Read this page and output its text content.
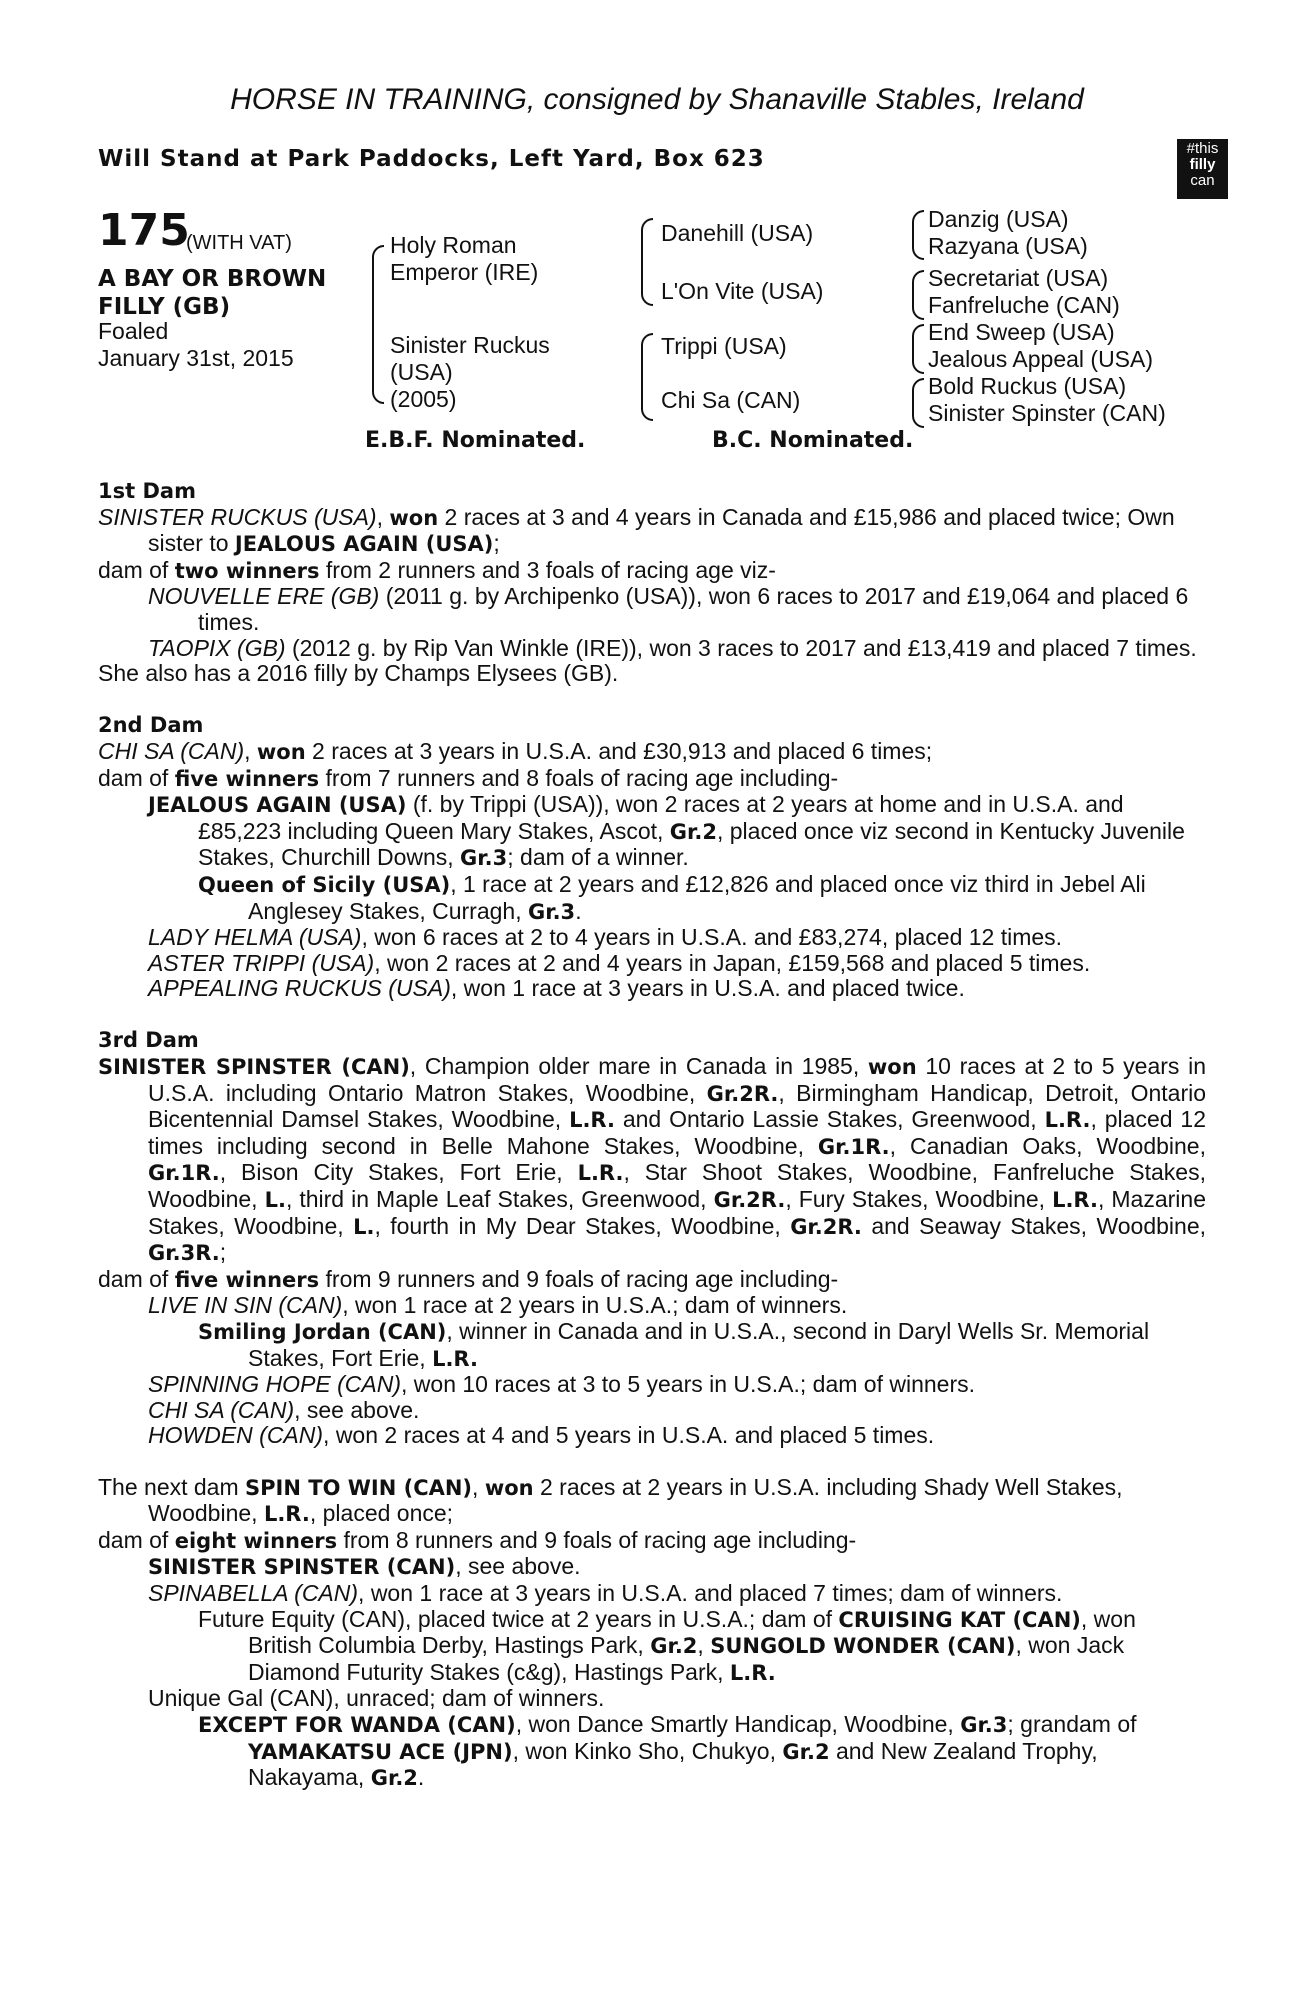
HORSE IN TRAINING, consigned by Shanaville Stables, Ireland
Will Stand at Park Paddocks, Left Yard, Box 623	#this
filly
can
175
(WITH VAT)
A BAY OR BROWN
FILLY (GB)
Foaled
January 31st, 2015
Holy Roman
Emperor (IRE)
Sinister Ruckus
(USA)
(2005)
Danehill (USA)
L'On Vite (USA)
Trippi (USA)
Chi Sa (CAN)
Danzig (USA)
Razyana (USA)
Secretariat (USA)
Fanfreluche (CAN)
End Sweep (USA)
Jealous Appeal (USA)
Bold Ruckus (USA)
Sinister Spinster (CAN)
E.B.F. Nominated.	B.C. Nominated.

1st Dam

SINISTER RUCKUS (USA), won 2 races at 3 and 4 years in Canada and £15,986 and placed twice; Own sister to JEALOUS AGAIN (USA);

dam of two winners from 2 runners and 3 foals of racing age viz-

NOUVELLE ERE (GB) (2011 g. by Archipenko (USA)), won 6 races to 2017 and £19,064 and placed 6 times.

TAOPIX (GB) (2012 g. by Rip Van Winkle (IRE)), won 3 races to 2017 and £13,419 and placed 7 times.

She also has a 2016 filly by Champs Elysees (GB).

2nd Dam

CHI SA (CAN), won 2 races at 3 years in U.S.A. and £30,913 and placed 6 times;

dam of five winners from 7 runners and 8 foals of racing age including-

JEALOUS AGAIN (USA) (f. by Trippi (USA)), won 2 races at 2 years at home and in U.S.A. and £85,223 including Queen Mary Stakes, Ascot, Gr.2, placed once viz second in Kentucky Juvenile Stakes, Churchill Downs, Gr.3; dam of a winner.

Queen of Sicily (USA), 1 race at 2 years and £12,826 and placed once viz third in Jebel Ali Anglesey Stakes, Curragh, Gr.3.

LADY HELMA (USA), won 6 races at 2 to 4 years in U.S.A. and £83,274, placed 12 times.

ASTER TRIPPI (USA), won 2 races at 2 and 4 years in Japan, £159,568 and placed 5 times.

APPEALING RUCKUS (USA), won 1 race at 3 years in U.S.A. and placed twice.

3rd Dam

SINISTER SPINSTER (CAN), Champion older mare in Canada in 1985, won 10 races at 2 to 5 years in U.S.A. including Ontario Matron Stakes, Woodbine, Gr.2R., Birmingham Handicap, Detroit, Ontario Bicentennial Damsel Stakes, Woodbine, L.R. and Ontario Lassie Stakes, Greenwood, L.R., placed 12 times including second in Belle Mahone Stakes, Woodbine, Gr.1R., Canadian Oaks, Woodbine, Gr.1R., Bison City Stakes, Fort Erie, L.R., Star Shoot Stakes, Woodbine, Fanfreluche Stakes, Woodbine, L., third in Maple Leaf Stakes, Greenwood, Gr.2R., Fury Stakes, Woodbine, L.R., Mazarine Stakes, Woodbine, L., fourth in My Dear Stakes, Woodbine, Gr.2R. and Seaway Stakes, Woodbine, Gr.3R.;

dam of five winners from 9 runners and 9 foals of racing age including-

LIVE IN SIN (CAN), won 1 race at 2 years in U.S.A.; dam of winners.

Smiling Jordan (CAN), winner in Canada and in U.S.A., second in Daryl Wells Sr. Memorial Stakes, Fort Erie, L.R.

SPINNING HOPE (CAN), won 10 races at 3 to 5 years in U.S.A.; dam of winners.

CHI SA (CAN), see above.

HOWDEN (CAN), won 2 races at 4 and 5 years in U.S.A. and placed 5 times.

The next dam SPIN TO WIN (CAN), won 2 races at 2 years in U.S.A. including Shady Well Stakes, Woodbine, L.R., placed once;

dam of eight winners from 8 runners and 9 foals of racing age including-

SINISTER SPINSTER (CAN), see above.

SPINABELLA (CAN), won 1 race at 3 years in U.S.A. and placed 7 times; dam of winners.

Future Equity (CAN), placed twice at 2 years in U.S.A.; dam of CRUISING KAT (CAN), won British Columbia Derby, Hastings Park, Gr.2, SUNGOLD WONDER (CAN), won Jack Diamond Futurity Stakes (c&g), Hastings Park, L.R.

Unique Gal (CAN), unraced; dam of winners.

EXCEPT FOR WANDA (CAN), won Dance Smartly Handicap, Woodbine, Gr.3; grandam of YAMAKATSU ACE (JPN), won Kinko Sho, Chukyo, Gr.2 and New Zealand Trophy, Nakayama, Gr.2.
